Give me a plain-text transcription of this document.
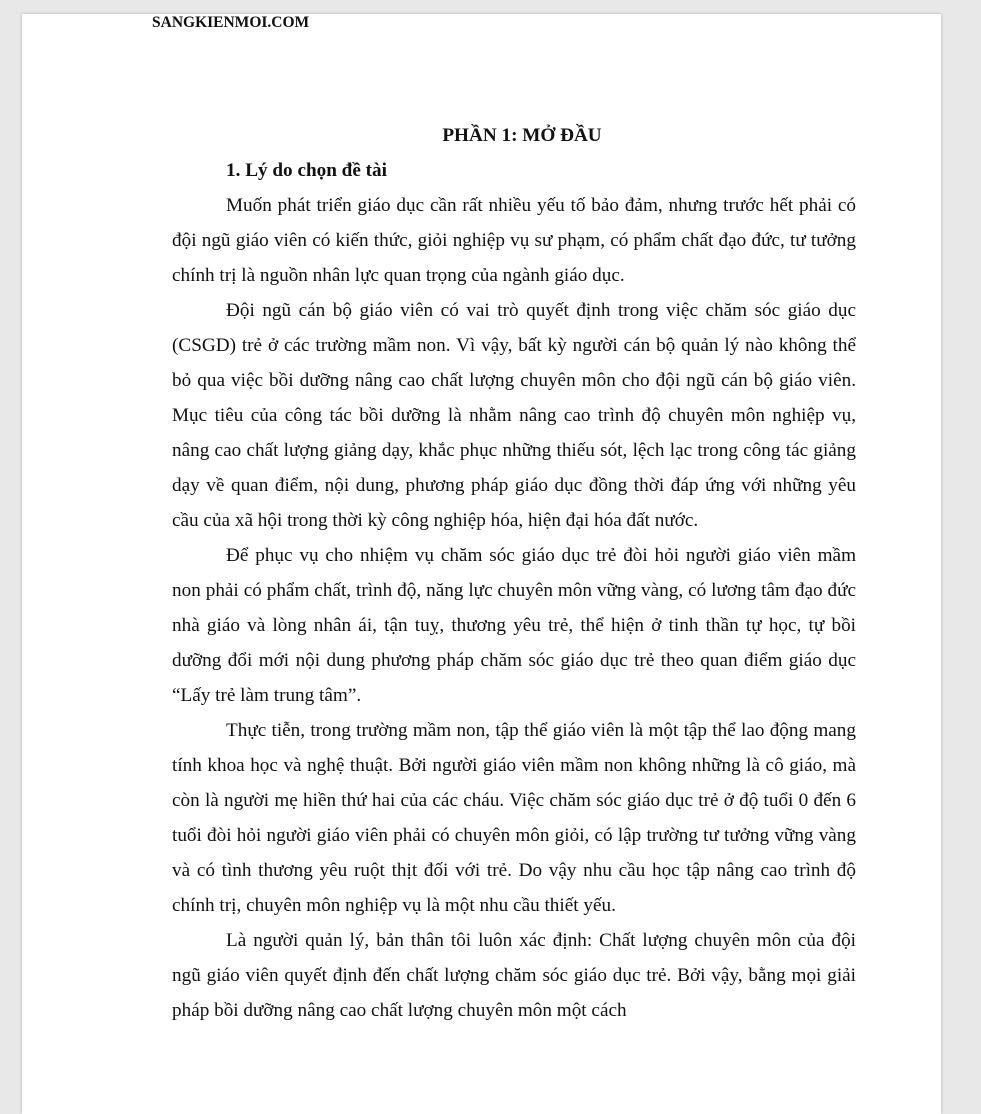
SANGKIENMOI.COM

PHẦN 1: MỞ ĐẦU

1. Lý do chọn đề tài

Muốn phát triển giáo dục cần rất nhiều yếu tố bảo đảm, nhưng trước hết phải có đội ngũ giáo viên có kiến thức, giỏi nghiệp vụ sư phạm, có phẩm chất đạo đức, tư tưởng chính trị là nguồn nhân lực quan trọng của ngành giáo dục.

Đội ngũ cán bộ giáo viên có vai trò quyết định trong việc chăm sóc giáo dục (CSGD) trẻ ở các trường mầm non. Vì vậy, bất kỳ người cán bộ quản lý nào không thể bỏ qua việc bồi dưỡng nâng cao chất lượng chuyên môn cho đội ngũ cán bộ giáo viên. Mục tiêu của công tác bồi dưỡng là nhằm nâng cao trình độ chuyên môn nghiệp vụ, nâng cao chất lượng giảng dạy, khắc phục những thiếu sót, lệch lạc trong công tác giảng dạy về quan điểm, nội dung, phương pháp giáo dục đồng thời đáp ứng với những yêu cầu của xã hội trong thời kỳ công nghiệp hóa, hiện đại hóa đất nước.

Để phục vụ cho nhiệm vụ chăm sóc giáo dục trẻ đòi hỏi người giáo viên mầm non phải có phẩm chất, trình độ, năng lực chuyên môn vững vàng, có lương tâm đạo đức nhà giáo và lòng nhân ái, tận tuỵ, thương yêu trẻ, thể hiện ở tinh thần tự học, tự bồi dưỡng đổi mới nội dung phương pháp chăm sóc giáo dục trẻ theo quan điểm giáo dục “Lấy trẻ làm trung tâm”.

Thực tiễn, trong trường mầm non, tập thể giáo viên là một tập thể lao động mang tính khoa học và nghệ thuật. Bởi người giáo viên mầm non không những là cô giáo, mà còn là người mẹ hiền thứ hai của các cháu. Việc chăm sóc giáo dục trẻ ở độ tuổi 0 đến 6 tuổi đòi hỏi người giáo viên phải có chuyên môn giỏi, có lập trường tư tưởng vững vàng và có tình thương yêu ruột thịt đối với trẻ. Do vậy nhu cầu học tập nâng cao trình độ chính trị, chuyên môn nghiệp vụ là một nhu cầu thiết yếu.

Là người quản lý, bản thân tôi luôn xác định: Chất lượng chuyên môn của đội ngũ giáo viên quyết định đến chất lượng chăm sóc giáo dục trẻ. Bởi vậy, bằng mọi giải pháp bồi dưỡng nâng cao chất lượng chuyên môn một cách
